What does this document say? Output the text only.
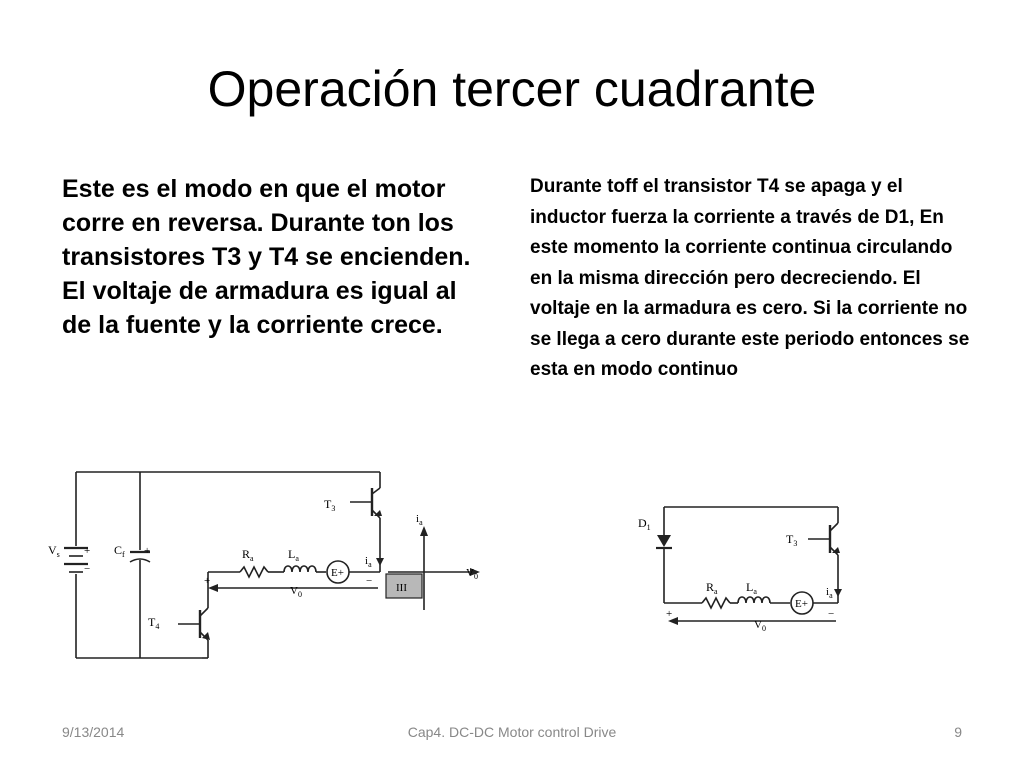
Operación tercer cuadrante
Este es el modo en que el motor corre en reversa. Durante ton los transistores T3 y T4 se encienden. El voltaje de armadura es igual al de la fuente y la corriente crece.
Durante toff el transistor T4 se apaga y el inductor fuerza la corriente a través de D1, En este momento la corriente continua circulando en la misma dirección pero decreciendo. El voltaje en la armadura es cero. Si la corriente no se llega a cero durante este periodo entonces se esta en modo continuo
$V_s$ +
−
$C_f$ +
$T_3$
$T_4$
$R_a$	$L_a$
E+
$i_a$
+	−
$V_0$
$i_a$
$V_0$
III
$D_1$
$T_3$
$R_a$ $L_a$
E+
$i_a$
+	−
$V_0$
9/13/2014	Cap4. DC-DC Motor control Drive	9
